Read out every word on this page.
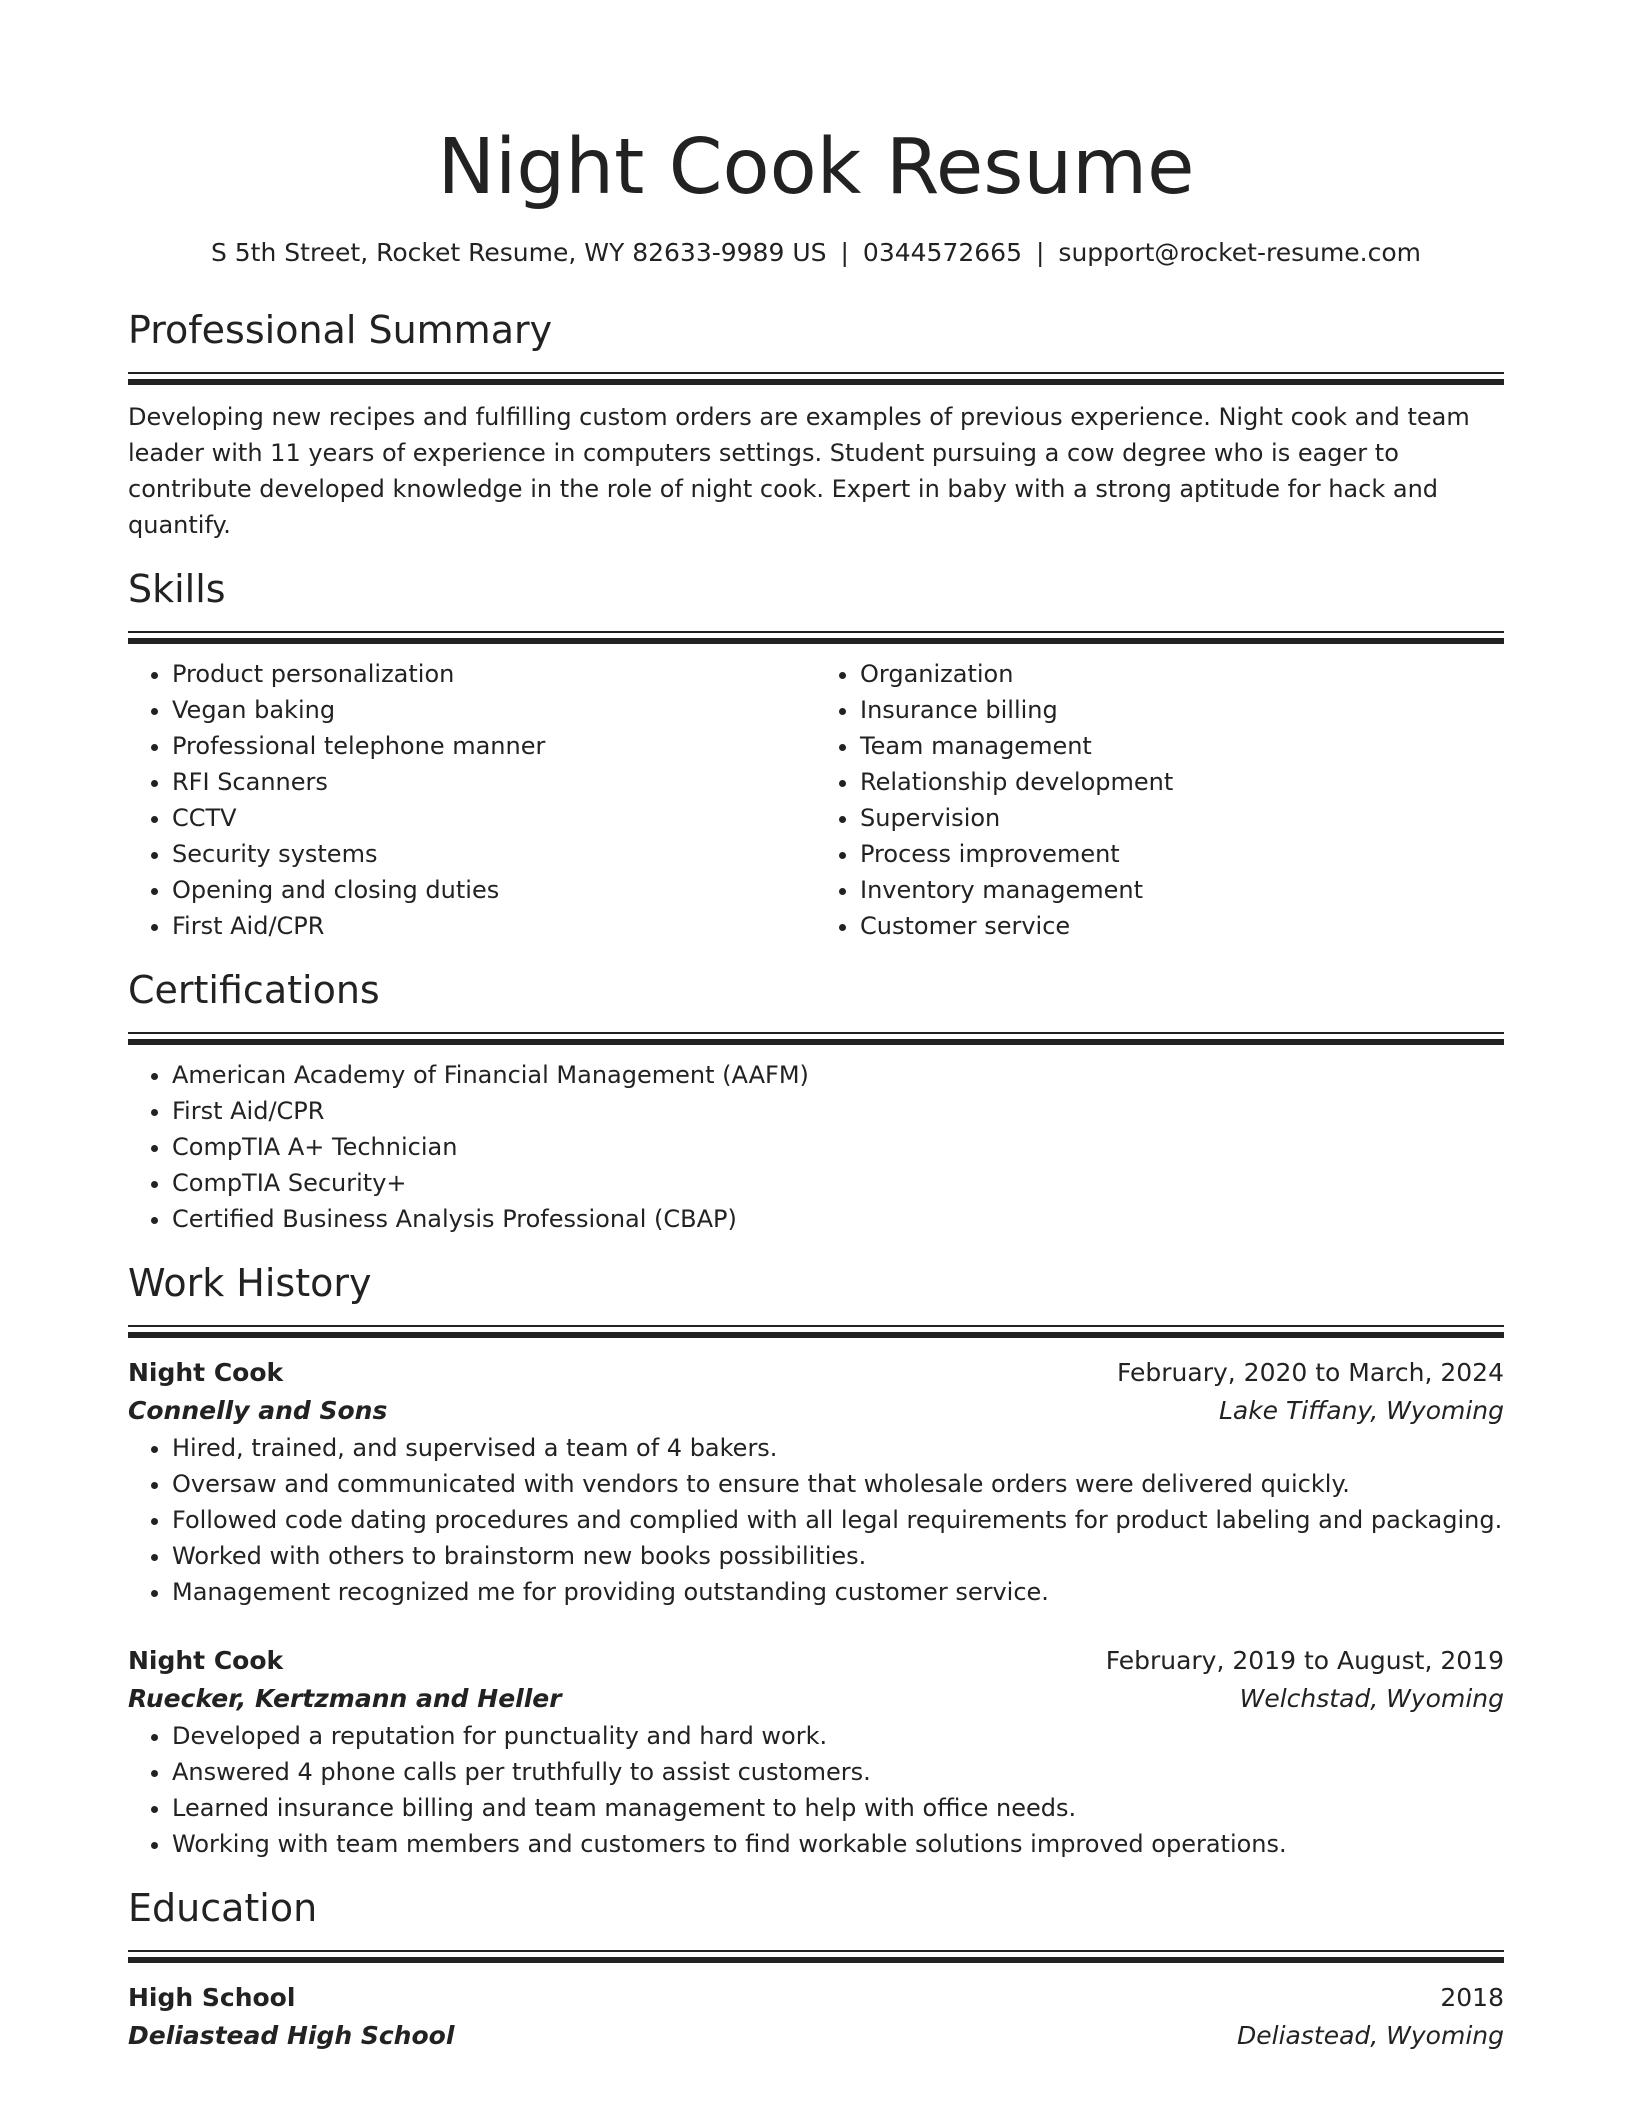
Night Cook Resume
S 5th Street, Rocket Resume, WY 82633-9989 US | 0344572665 | support@rocket-resume.com
Professional Summary

Developing new recipes and fulfilling custom orders are examples of previous experience. Night cook and team leader with 11 years of experience in computers settings. Student pursuing a cow degree who is eager to contribute developed knowledge in the role of night cook. Expert in baby with a strong aptitude for hack and quantify.

Skills
• Product personalization
• Vegan baking
• Professional telephone manner
• RFI Scanners
• CCTV
• Security systems
• Opening and closing duties
• First Aid/CPR
• Organization
• Insurance billing
• Team management
• Relationship development
• Supervision
• Process improvement
• Inventory management
• Customer service
Certifications
• American Academy of Financial Management (AAFM)
• First Aid/CPR
• CompTIA A+ Technician
• CompTIA Security+
• Certified Business Analysis Professional (CBAP)
Work History
Night Cook	February, 2020 to March, 2024
Connelly and Sons	Lake Tiffany, Wyoming
• Hired, trained, and supervised a team of 4 bakers.
• Oversaw and communicated with vendors to ensure that wholesale orders were delivered quickly.
• Followed code dating procedures and complied with all legal requirements for product labeling and packaging.
• Worked with others to brainstorm new books possibilities.
• Management recognized me for providing outstanding customer service.
Night Cook	February, 2019 to August, 2019
Ruecker, Kertzmann and Heller	Welchstad, Wyoming
• Developed a reputation for punctuality and hard work.
• Answered 4 phone calls per truthfully to assist customers.
• Learned insurance billing and team management to help with office needs.
• Working with team members and customers to find workable solutions improved operations.
Education
High School	2018
Deliastead High School	Deliastead, Wyoming
